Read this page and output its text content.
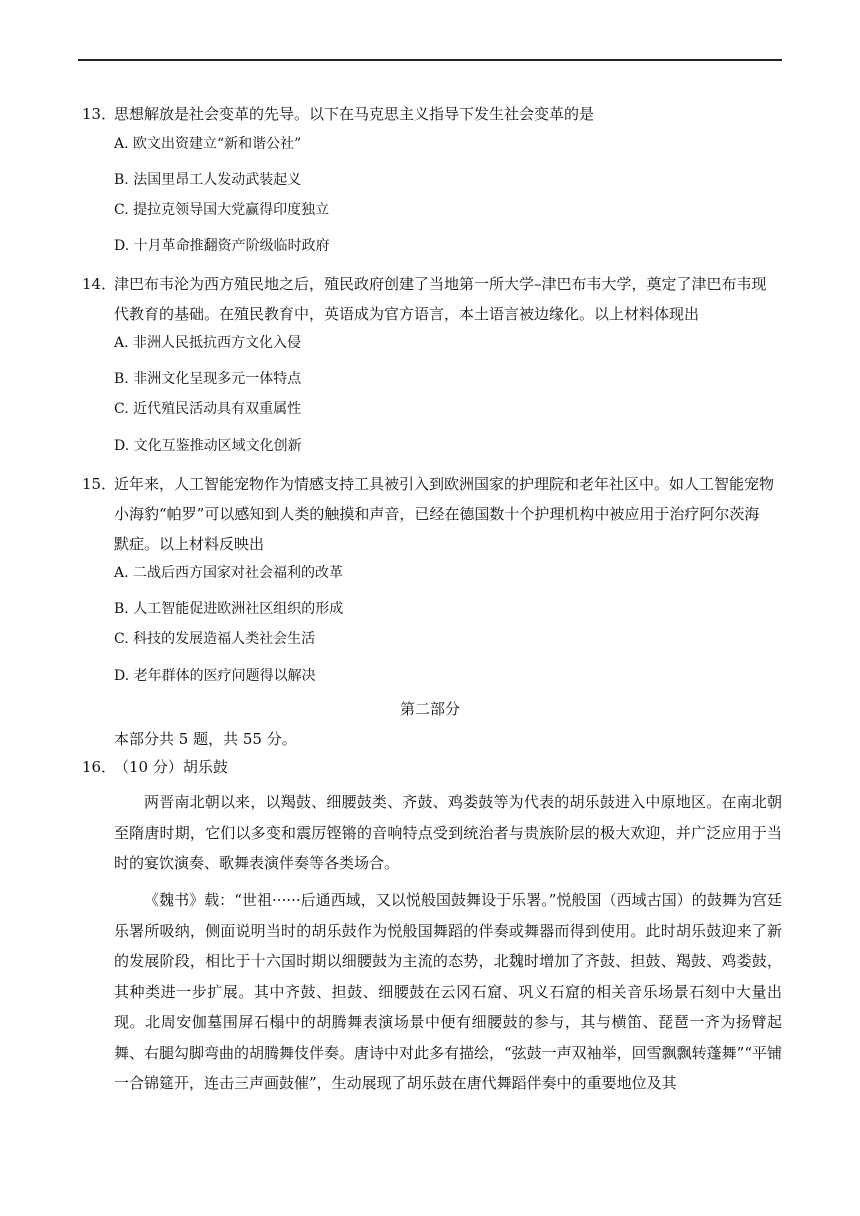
13．
思想解放是社会变革的先导。以下在马克思主义指导下发生社会变革的是
A. 欧文出资建立“新和谐公社”
B. 法国里昂工人发动武装起义
C. 提拉克领导国大党赢得印度独立
D. 十月革命推翻资产阶级临时政府
14．
津巴布韦沦为西方殖民地之后，殖民政府创建了当地第一所大学–津巴布韦大学，奠定了津巴布韦现
代教育的基础。在殖民教育中，英语成为官方语言，本土语言被边缘化。以上材料体现出
A. 非洲人民抵抗西方文化入侵
B. 非洲文化呈现多元一体特点
C. 近代殖民活动具有双重属性
D. 文化互鉴推动区域文化创新
15．
近年来，人工智能宠物作为情感支持工具被引入到欧洲国家的护理院和老年社区中。如人工智能宠物
小海豹“帕罗”可以感知到人类的触摸和声音，已经在德国数十个护理机构中被应用于治疗阿尔茨海
默症。以上材料反映出
A. 二战后西方国家对社会福利的改革
B. 人工智能促进欧洲社区组织的形成
C. 科技的发展造福人类社会生活
D. 老年群体的医疗问题得以解决
第二部分
本部分共 5 题，共 55 分。
16．
（10 分）胡乐鼓
两晋南北朝以来，以羯鼓、细腰鼓类、齐鼓、鸡娄鼓等为代表的胡乐鼓进入中原地区。在南北朝至隋唐时期，它们以多变和震厉铿锵的音响特点受到统治者与贵族阶层的极大欢迎，并广泛应用于当时的宴饮演奏、歌舞表演伴奏等各类场合。
《魏书》载：“世祖······后通西域，又以悦般国鼓舞设于乐署。”悦般国（西域古国）的鼓舞为宫廷乐署所吸纳，侧面说明当时的胡乐鼓作为悦般国舞蹈的伴奏或舞器而得到使用。此时胡乐鼓迎来了新的发展阶段，相比于十六国时期以细腰鼓为主流的态势，北魏时增加了齐鼓、担鼓、羯鼓、鸡娄鼓，其种类进一步扩展。其中齐鼓、担鼓、细腰鼓在云冈石窟、巩义石窟的相关音乐场景石刻中大量出现。北周安伽墓围屏石榻中的胡腾舞表演场景中便有细腰鼓的参与，其与横笛、琵琶一齐为扬臂起舞、右腿勾脚弯曲的胡腾舞伎伴奏。唐诗中对此多有描绘，“弦鼓一声双袖举，回雪飘飘转蓬舞”“平铺一合锦筵开，连击三声画鼓催”，生动展现了胡乐鼓在唐代舞蹈伴奏中的重要地位及其
